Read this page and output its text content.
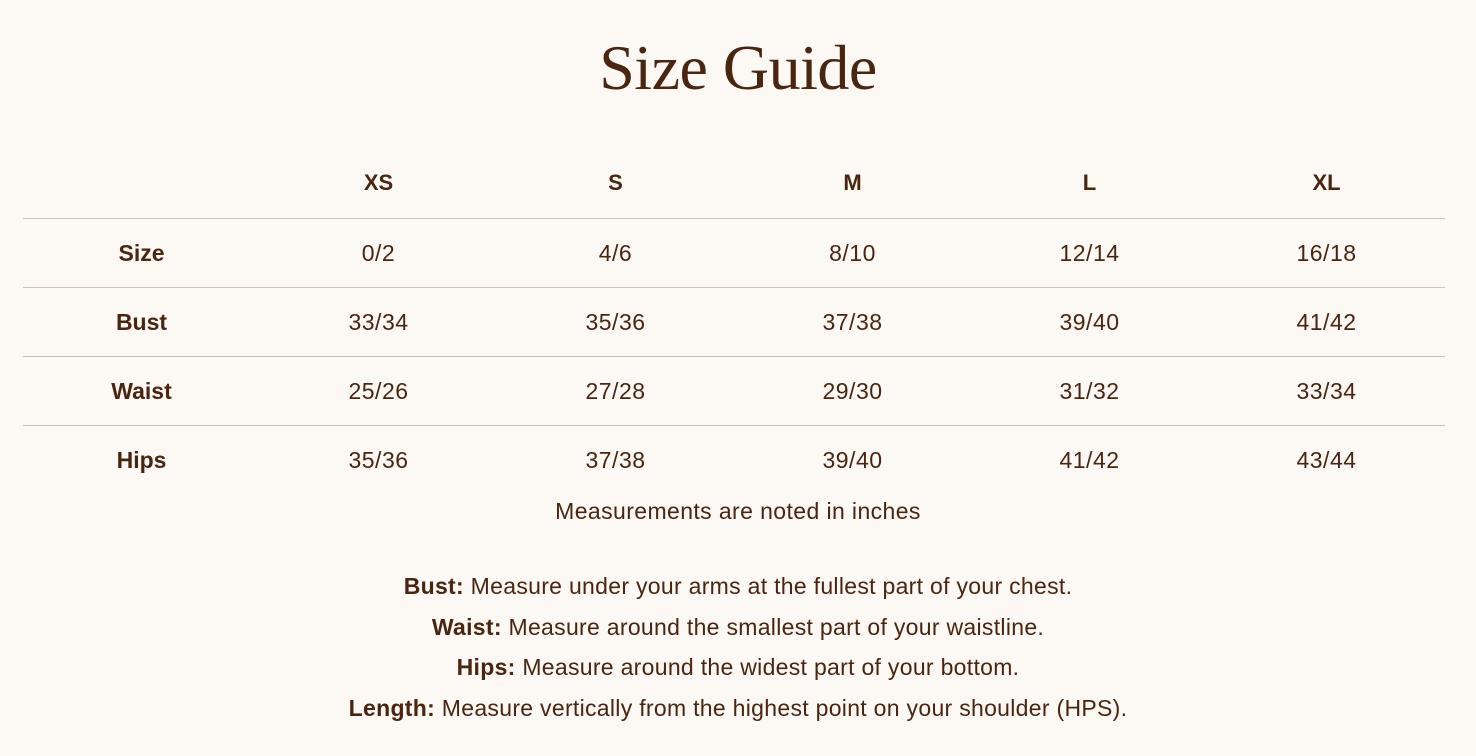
Size Guide
	XS	S	M	L	XL
Size	0/2	4/6	8/10	12/14	16/18
Bust	33/34	35/36	37/38	39/40	41/42
Waist	25/26	27/28	29/30	31/32	33/34
Hips	35/36	37/38	39/40	41/42	43/44
Measurements are noted in inches
Bust: Measure under your arms at the fullest part of your chest.
Waist: Measure around the smallest part of your waistline.
Hips: Measure around the widest part of your bottom.
Length: Measure vertically from the highest point on your shoulder (HPS).
